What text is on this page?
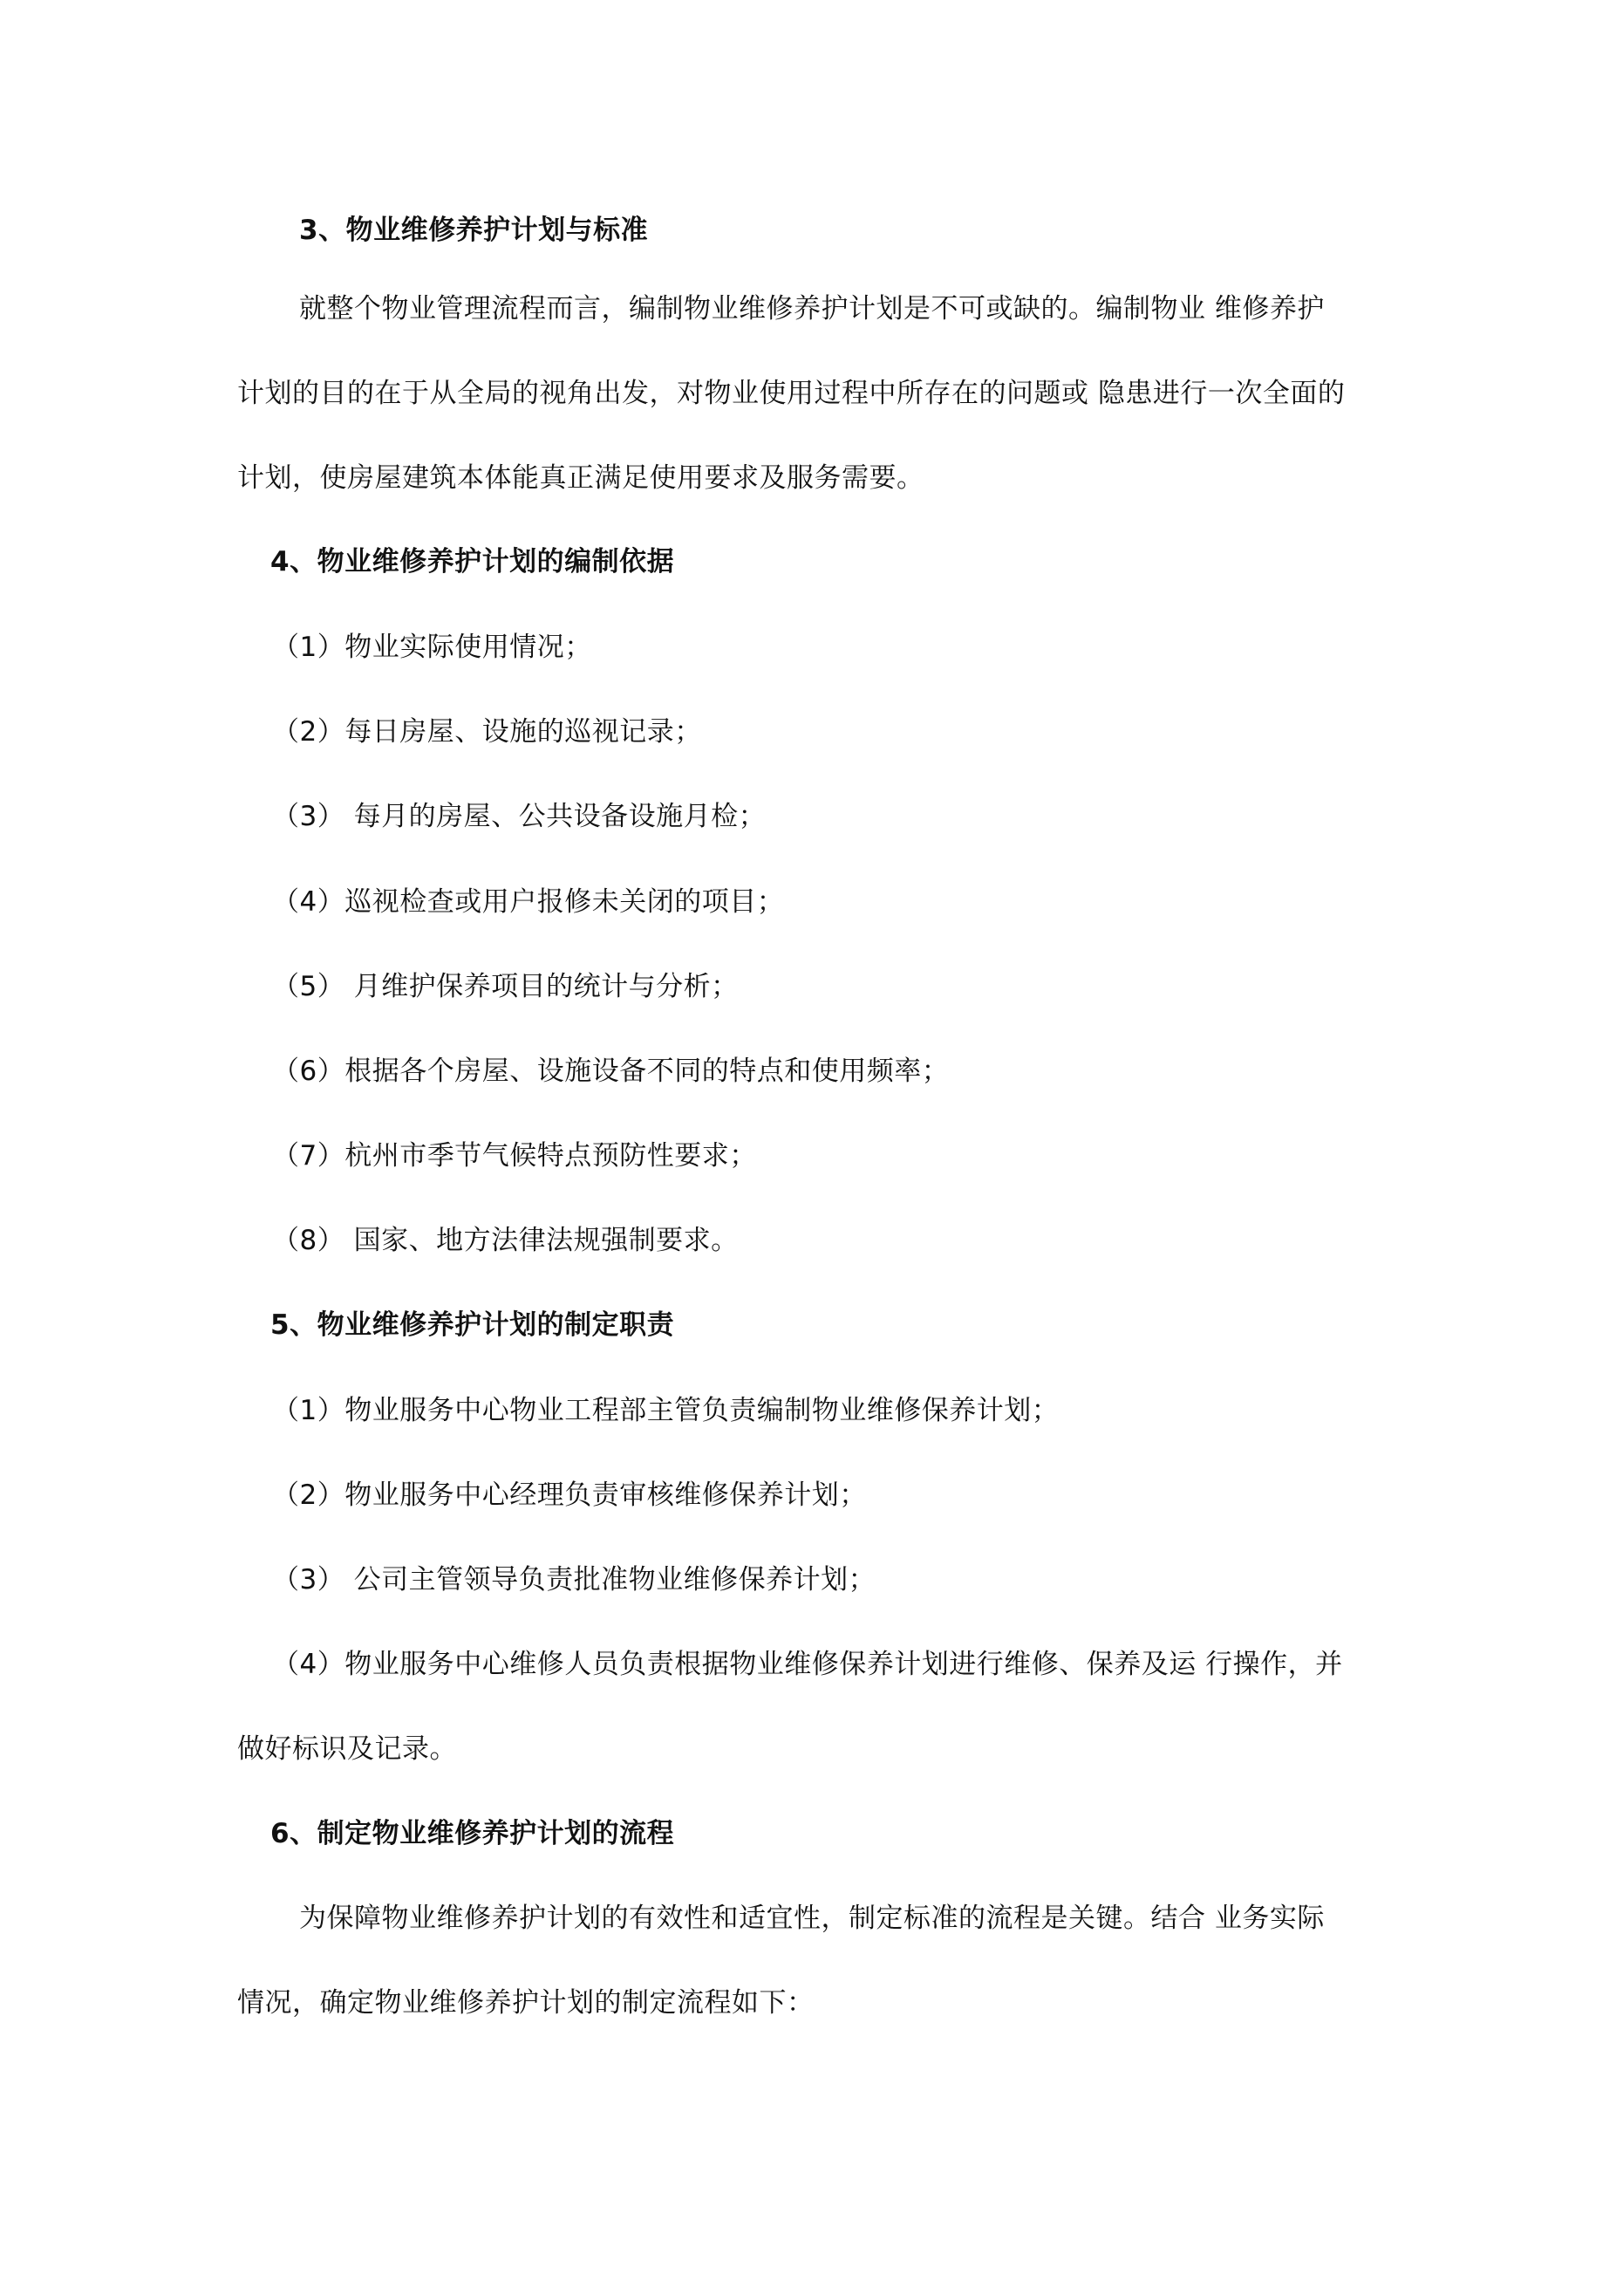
3、物业维修养护计划与标准
就整个物业管理流程而言，编制物业维修养护计划是不可或缺的。编制物业 维修养护
计划的目的在于从全局的视角出发，对物业使用过程中所存在的问题或 隐患进行一次全面的
计划，使房屋建筑本体能真正满足使用要求及服务需要。
4、物业维修养护计划的编制依据
（1）物业实际使用情况；
（2）每日房屋、设施的巡视记录；
（3） 每月的房屋、公共设备设施月检；
（4）巡视检查或用户报修未关闭的项目；
（5） 月维护保养项目的统计与分析；
（6）根据各个房屋、设施设备不同的特点和使用频率；
（7）杭州市季节气候特点预防性要求；
（8） 国家、地方法律法规强制要求。
5、物业维修养护计划的制定职责
（1）物业服务中心物业工程部主管负责编制物业维修保养计划；
（2）物业服务中心经理负责审核维修保养计划；
（3） 公司主管领导负责批准物业维修保养计划；
（4）物业服务中心维修人员负责根据物业维修保养计划进行维修、保养及运 行操作，并
做好标识及记录。
6、制定物业维修养护计划的流程
为保障物业维修养护计划的有效性和适宜性，制定标准的流程是关键。结合 业务实际
情况，确定物业维修养护计划的制定流程如下：
